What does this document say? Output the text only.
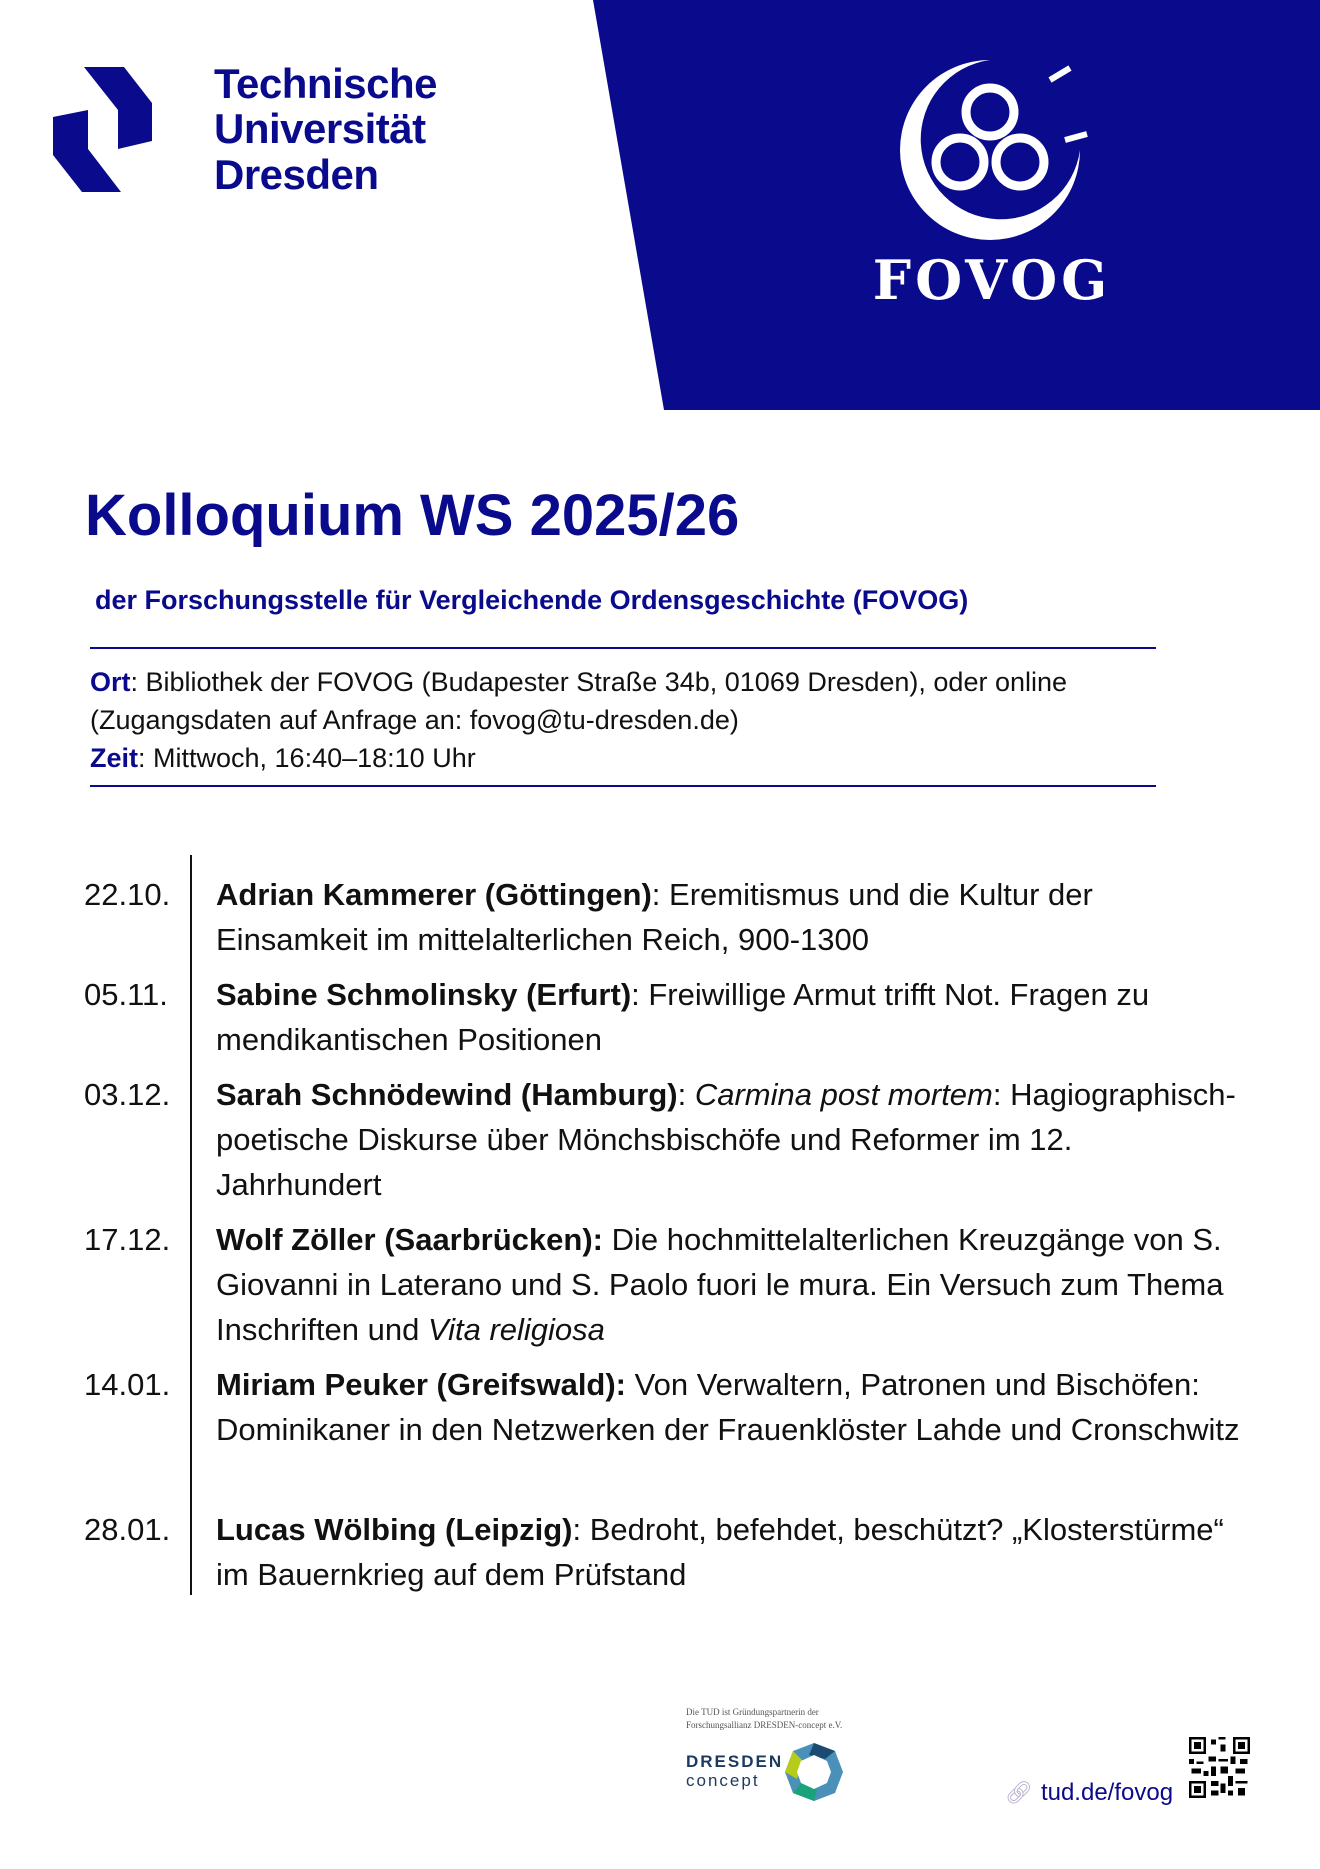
Technische
Universität
Dresden
FOVOG
Kolloquium WS 2025/26
der Forschungsstelle für Vergleichende Ordensgeschichte (FOVOG)
Ort: Bibliothek der FOVOG (Budapester Straße 34b, 01069 Dresden), oder online
(Zugangsdaten auf Anfrage an: fovog@tu-dresden.de)
Zeit: Mittwoch, 16:40–18:10 Uhr
22.10. Adrian Kammerer (Göttingen): Eremitismus und die Kultur der Einsamkeit im mittelalterlichen Reich, 900-1300
05.11. Sabine Schmolinsky (Erfurt): Freiwillige Armut trifft Not. Fragen zu mendikantischen Positionen
03.12. Sarah Schnödewind (Hamburg): Carmina post mortem: Hagiographisch-poetische Diskurse über Mönchsbischöfe und Reformer im 12. Jahrhundert
17.12. Wolf Zöller (Saarbrücken): Die hochmittelalterlichen Kreuzgänge von S. Giovanni in Laterano und S. Paolo fuori le mura. Ein Versuch zum Thema Inschriften und Vita religiosa
14.01. Miriam Peuker (Greifswald): Von Verwaltern, Patronen und Bischöfen: Dominikaner in den Netzwerken der Frauenklöster Lahde und Cronschwitz
28.01. Lucas Wölbing (Leipzig): Bedroht, befehdet, beschützt? „Klosterstürme“ im Bauernkrieg auf dem Prüfstand
Die TUD ist Gründungspartnerin der
Forschungsallianz DRESDEN-concept e.V.
DRESDEN
concept	🔗︎ tud.de/fovog
